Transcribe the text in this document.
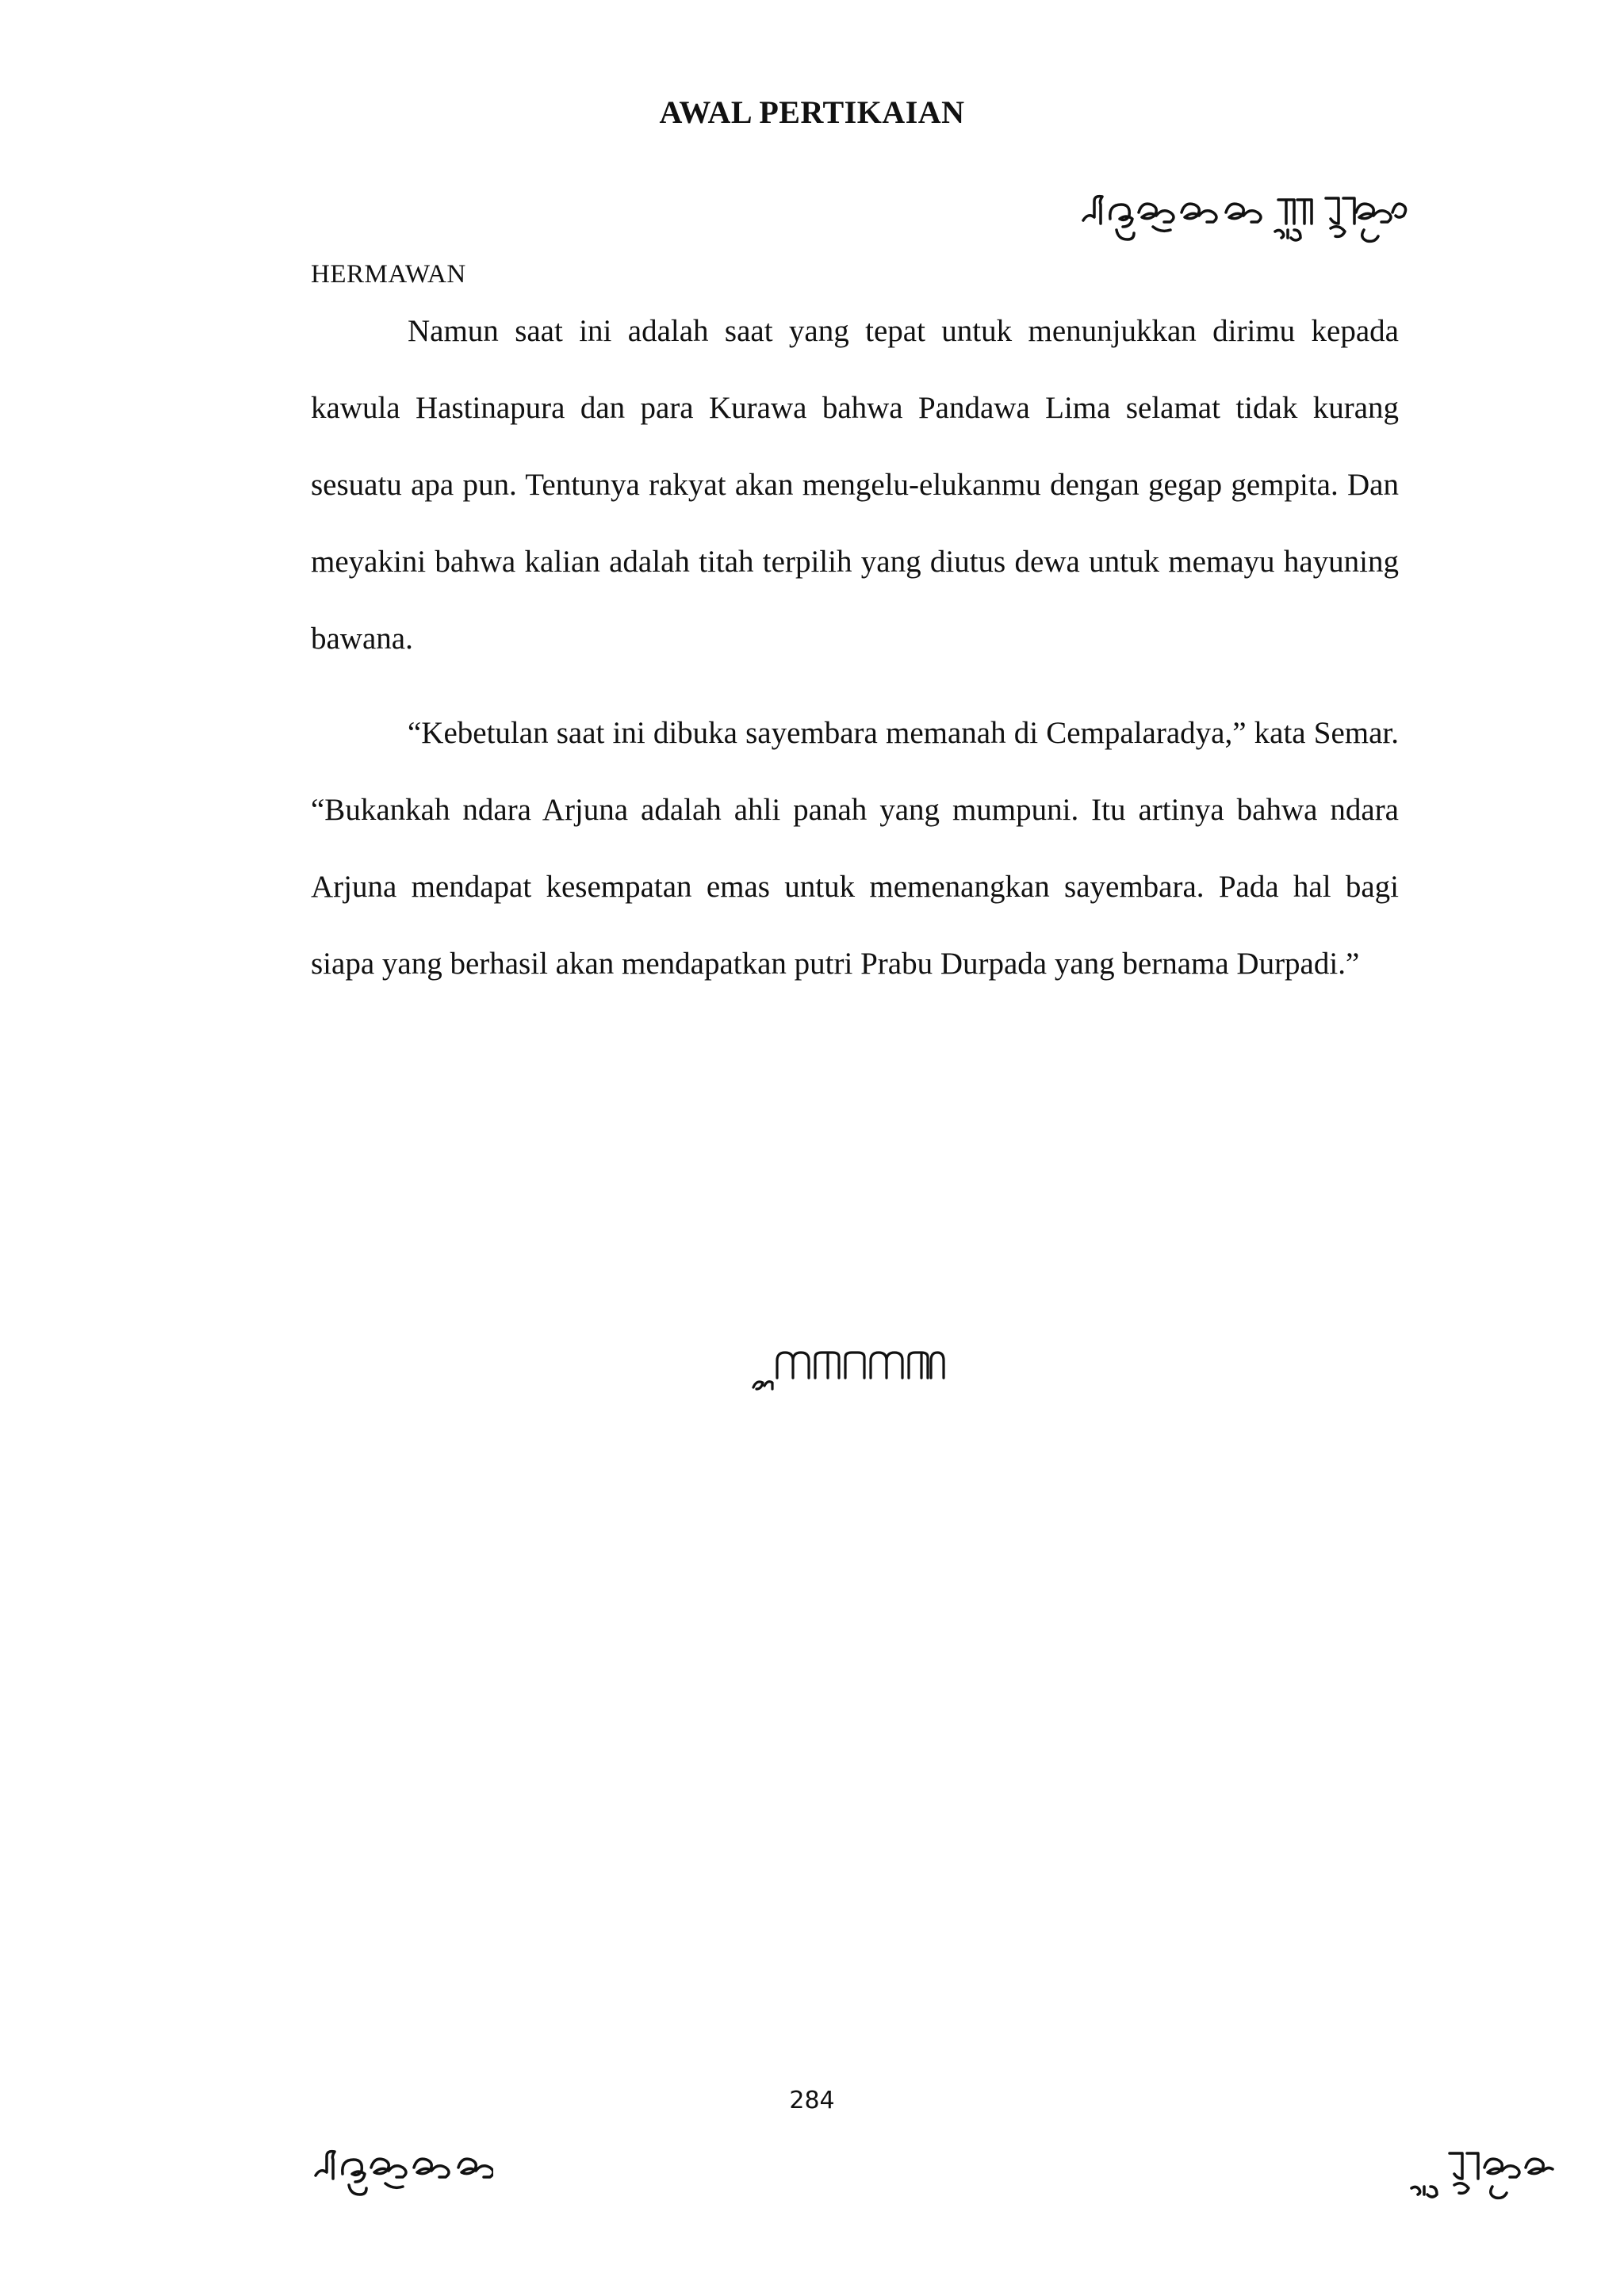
AWAL PERTIKAIAN
HERMAWAN

Namun saat ini adalah saat yang tepat untuk menunjukkan dirimu kepada kawula Hastinapura dan para Kurawa bahwa Pandawa Lima selamat tidak kurang sesuatu apa pun. Tentunya rakyat akan mengelu-elukanmu dengan gegap gempita. Dan meyakini bahwa kalian adalah titah terpilih yang diutus dewa untuk memayu hayuning bawana.

“Kebetulan saat ini dibuka sayembara memanah di Cempalaradya,” kata Semar. “Bukankah ndara Arjuna adalah ahli panah yang mumpuni. Itu artinya bahwa ndara Arjuna mendapat kesempatan emas untuk memenangkan sayembara. Pada hal bagi siapa yang berhasil akan mendapatkan putri Prabu Durpada yang bernama Durpadi.”

284
